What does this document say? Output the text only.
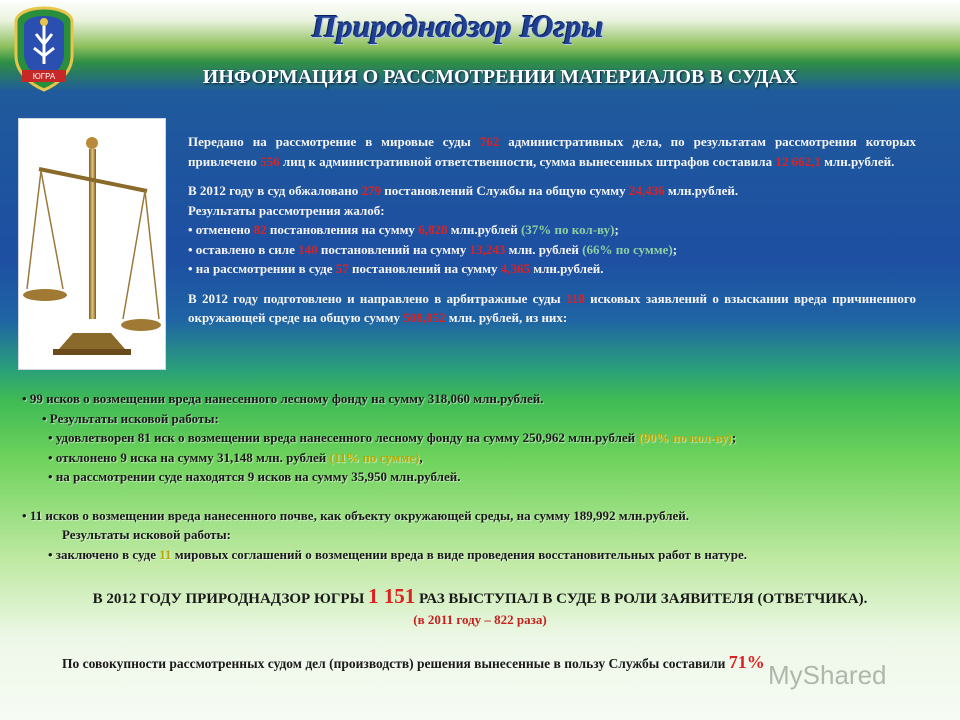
ЮГРА
Природнадзор Югры
ИНФОРМАЦИЯ О РАССМОТРЕНИИ МАТЕРИАЛОВ В СУДАХ

Передано на рассмотрение в мировые суды 762 административных дела, по результатам рассмотрения которых привлечено 556 лиц к административной ответственности, сумма вынесенных штрафов составила 12 662,1 млн.рублей.

В 2012 году в суд обжаловано 279 постановлений Службы на общую сумму 24,436 млн.рублей.

Результаты рассмотрения жалоб:

• отменено 82 постановления на сумму 6,828 млн.рублей (37% по кол-ву);

• оставлено в силе 140 постановлений на сумму 13,243 млн. рублей (66% по сумме);

• на рассмотрении в суде 57 постановлений на сумму 4,365 млн.рублей.

В 2012 году подготовлено и направлено в арбитражные суды 110 исковых заявлений о взыскании вреда причиненного окружающей среде на общую сумму 508,052 млн. рублей, из них:

• 99 исков о возмещении вреда нанесенного лесному фонду на сумму 318,060 млн.рублей.

• Результаты исковой работы:

• удовлетворен 81 иск о возмещении вреда нанесенного лесному фонду на сумму 250,962 млн.рублей (90% по кол-ву);

• отклонено 9 иска на сумму 31,148 млн. рублей (11% по сумме),

• на рассмотрении суде находятся 9 исков на сумму 35,950 млн.рублей.

• 11 исков о возмещении вреда нанесенного почве, как объекту окружающей среды, на сумму 189,992 млн.рублей.

Результаты исковой работы:

• заключено в суде 11 мировых соглашений о возмещении вреда в виде проведения восстановительных работ в натуре.

В 2012 ГОДУ ПРИРОДНАДЗОР ЮГРЫ 1 151 РАЗ ВЫСТУПАЛ В СУДЕ В РОЛИ ЗАЯВИТЕЛЯ (ОТВЕТЧИКА).
(в 2011 году – 822 раза)
По совокупности рассмотренных судом дел (производств) решения вынесенные в пользу Службы составили 71% MyShared
